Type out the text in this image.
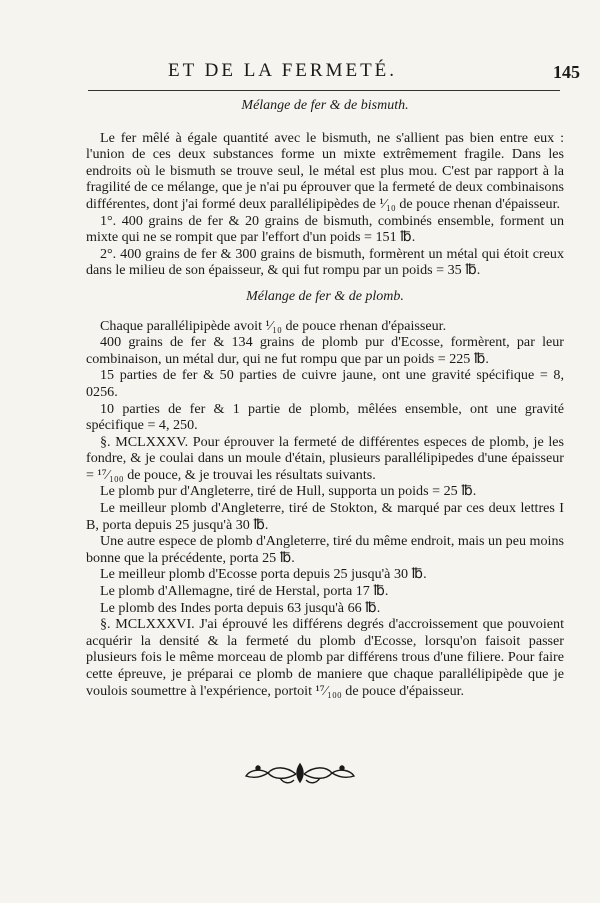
ET DE LA FERMETÉ.	145
Mélange de fer & de bismuth.

Le fer mêlé à égale quantité avec le bismuth, ne s'allient pas bien entre eux : l'union de ces deux substances forme un mixte extrêmement fragile. Dans les endroits où le bismuth se trouve seul, le métal est plus mou. C'est par rapport à la fragilité de ce mélange, que je n'ai pu éprouver que la fermeté de deux combinaisons différentes, dont j'ai formé deux parallélipipèdes de ¹⁄₁₀ de pouce rhenan d'épaisseur.

1°. 400 grains de fer & 20 grains de bismuth, combinés ensemble, forment un mixte qui ne se rompit que par l'effort d'un poids = 151 ℔.

2°. 400 grains de fer & 300 grains de bismuth, formèrent un métal qui étoit creux dans le milieu de son épaisseur, & qui fut rompu par un poids = 35 ℔.

Mélange de fer & de plomb.

Chaque parallélipipède avoit ¹⁄₁₀ de pouce rhenan d'épaisseur.

400 grains de fer & 134 grains de plomb pur d'Ecosse, formèrent, par leur combinaison, un métal dur, qui ne fut rompu que par un poids = 225 ℔.

15 parties de fer & 50 parties de cuivre jaune, ont une gravité spécifique = 8, 0256.

10 parties de fer & 1 partie de plomb, mêlées ensemble, ont une gravité spécifique = 4, 250.

§. MCLXXXV. Pour éprouver la fermeté de différentes especes de plomb, je les fondre, & je coulai dans un moule d'étain, plusieurs parallélipipedes d'une épaisseur = ¹⁷⁄₁₀₀ de pouce, & je trouvai les résultats suivants.

Le plomb pur d'Angleterre, tiré de Hull, supporta un poids = 25 ℔.

Le meilleur plomb d'Angleterre, tiré de Stokton, & marqué par ces deux lettres I B, porta depuis 25 jusqu'à 30 ℔.

Une autre espece de plomb d'Angleterre, tiré du même endroit, mais un peu moins bonne que la précédente, porta 25 ℔.

Le meilleur plomb d'Ecosse porta depuis 25 jusqu'à 30 ℔.

Le plomb d'Allemagne, tiré de Herstal, porta 17 ℔.

Le plomb des Indes porta depuis 63 jusqu'à 66 ℔.

§. MCLXXXVI. J'ai éprouvé les différens degrés d'accroissement que pouvoient acquérir la densité & la fermeté du plomb d'Ecosse, lorsqu'on faisoit passer plusieurs fois le même morceau de plomb par différens trous d'une filiere. Pour faire cette épreuve, je préparai ce plomb de maniere que chaque parallélipipède que je voulois soumettre à l'expérience, portoit ¹⁷⁄₁₀₀ de pouce d'épaisseur.
